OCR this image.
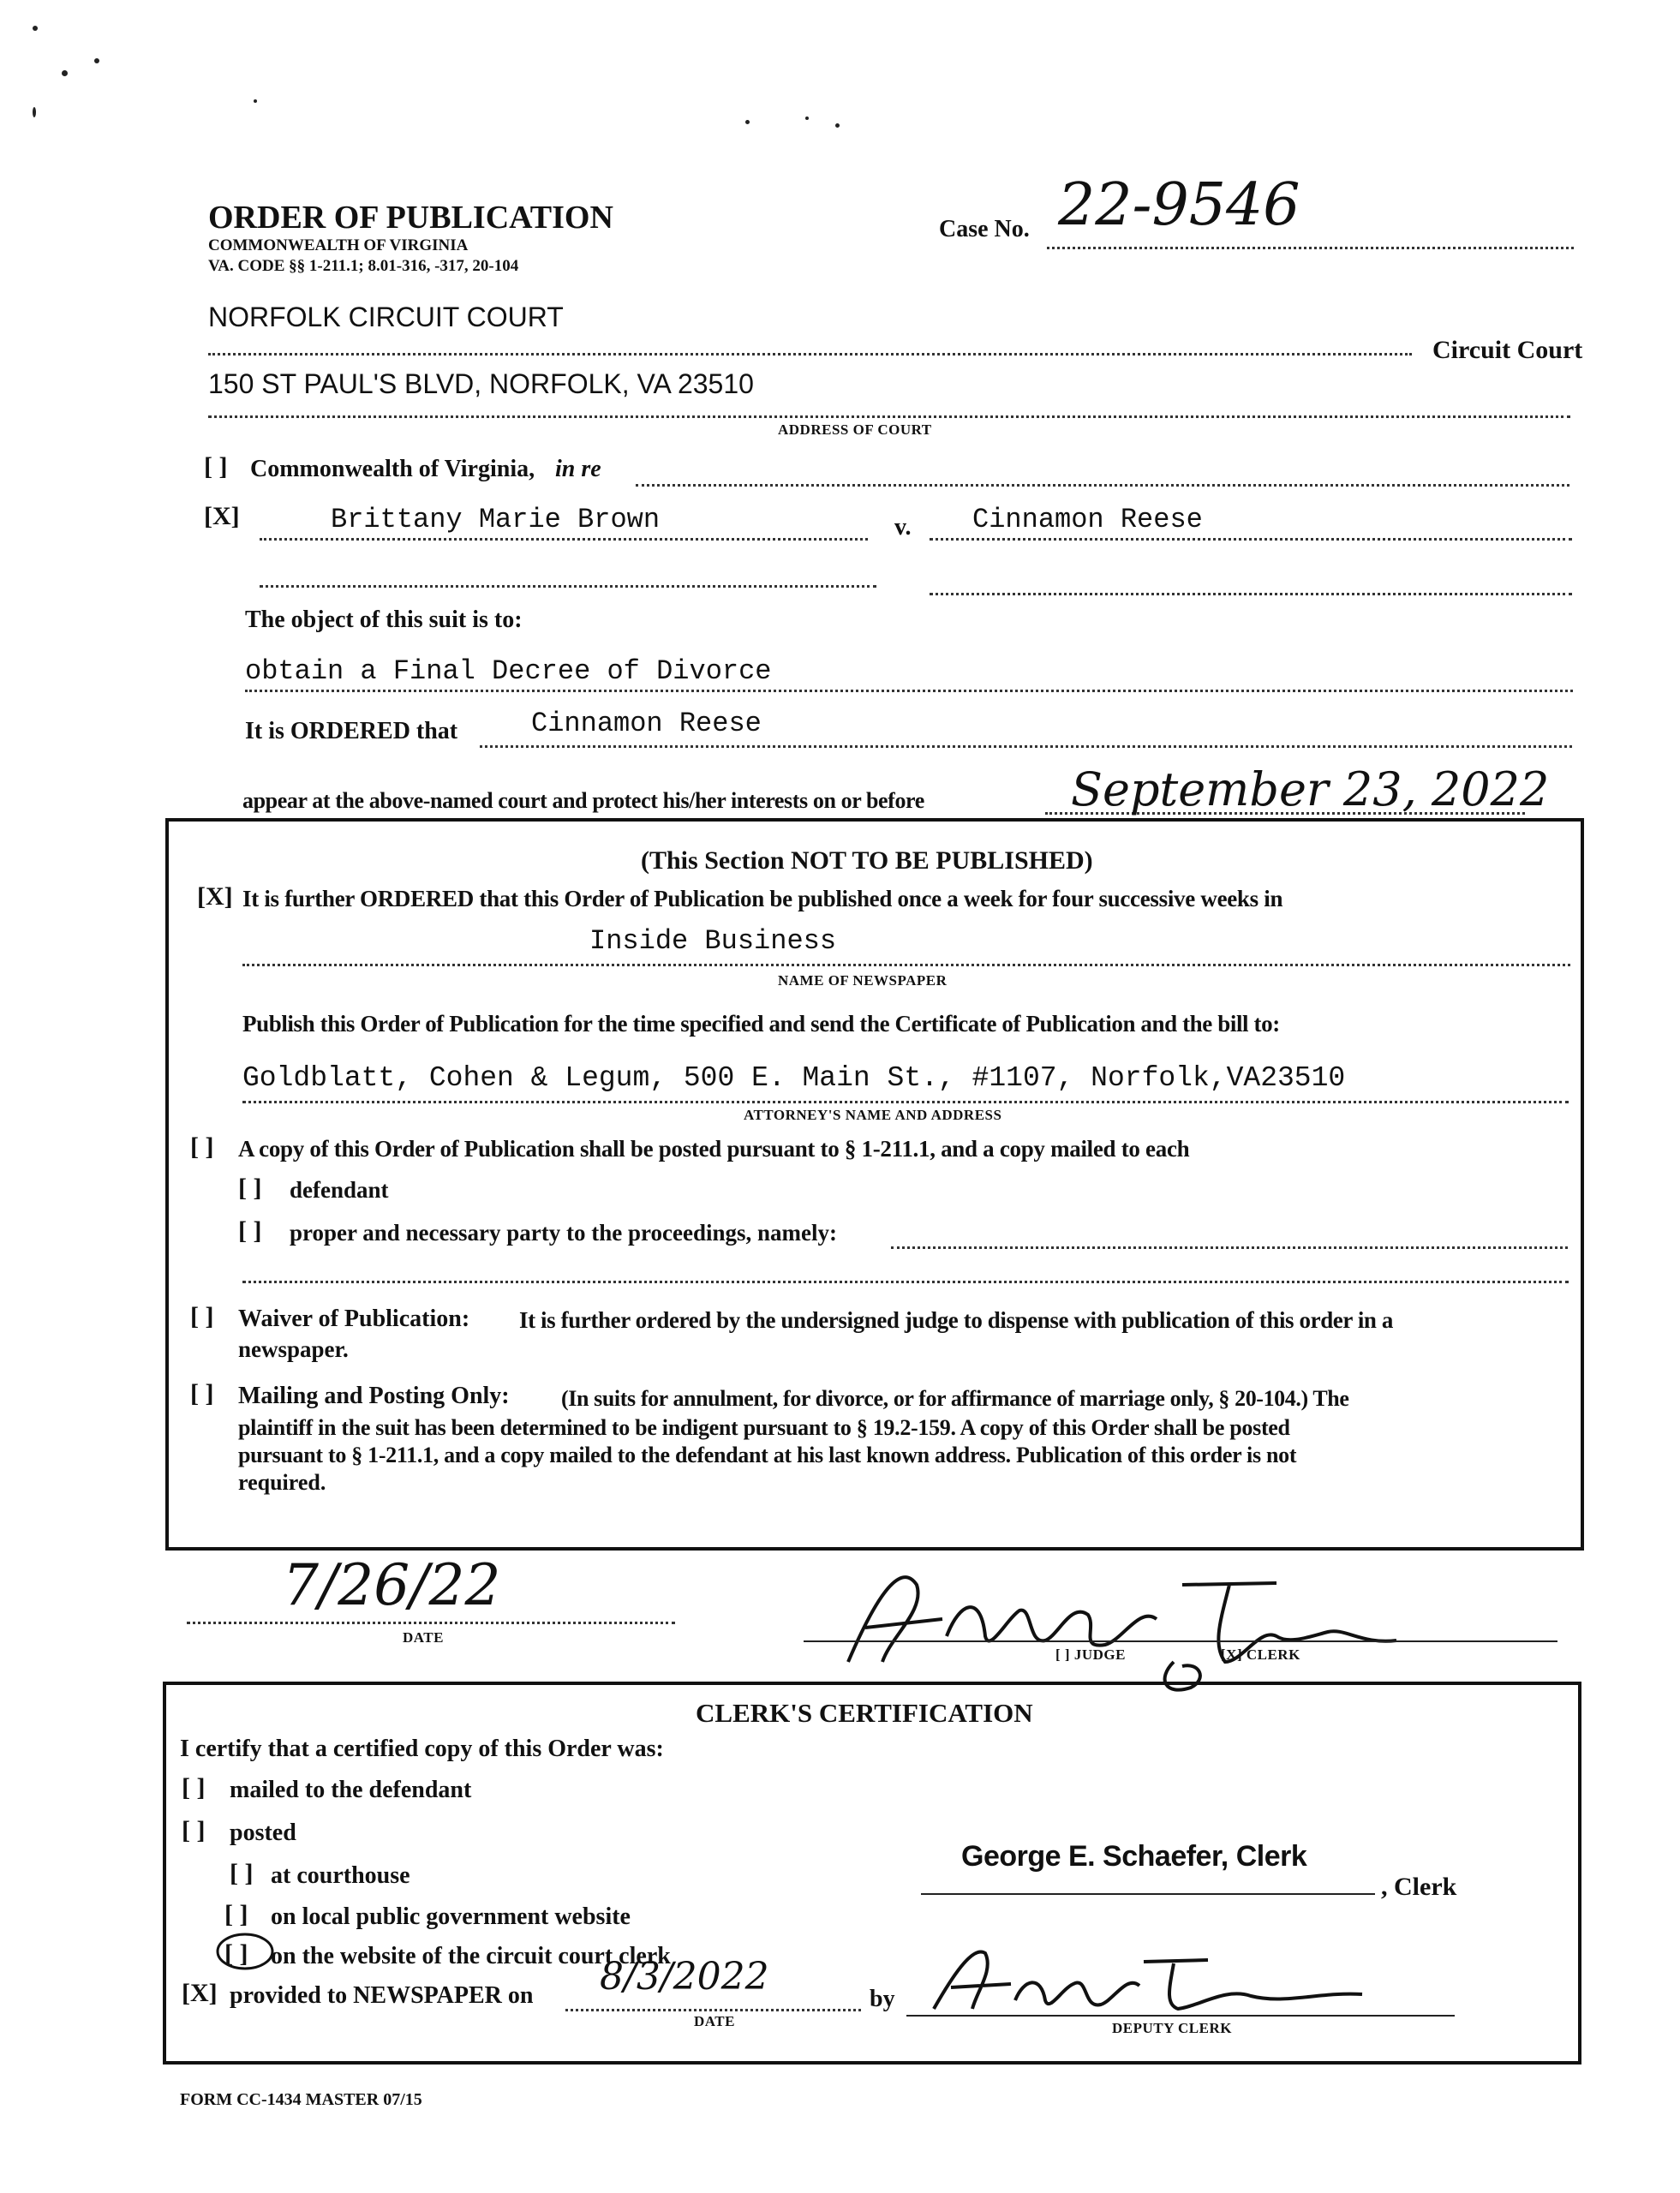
ORDER OF PUBLICATION
COMMONWEALTH OF VIRGINIA
VA. CODE §§ 1-211.1; 8.01-316, -317, 20-104
Case No. 22-9546
NORFOLK CIRCUIT COURT
Circuit Court
150 ST PAUL'S BLVD, NORFOLK, VA 23510
ADDRESS OF COURT
[ ] Commonwealth of Virginia, in re
[X]	Brittany Marie Brown	v. Cinnamon Reese
The object of this suit is to:
obtain a Final Decree of Divorce
It is ORDERED that	Cinnamon Reese
appear at the above-named court and protect his/her interests on or before	September 23, 2022
(This Section NOT TO BE PUBLISHED)
[X] It is further ORDERED that this Order of Publication be published once a week for four successive weeks in
Inside Business
NAME OF NEWSPAPER
Publish this Order of Publication for the time specified and send the Certificate of Publication and the bill to:
Goldblatt, Cohen & Legum, 500 E. Main St., #1107, Norfolk,VA23510
ATTORNEY'S NAME AND ADDRESS
[ ] A copy of this Order of Publication shall be posted pursuant to § 1-211.1, and a copy mailed to each
[ ] defendant
[ ] proper and necessary party to the proceedings, namely:
[ ] Waiver of Publication: It is further ordered by the undersigned judge to dispense with publication of this order in a
newspaper.
[ ] Mailing and Posting Only: (In suits for annulment, for divorce, or for affirmance of marriage only, § 20-104.) The
plaintiff in the suit has been determined to be indigent pursuant to § 19.2-159. A copy of this Order shall be posted
pursuant to § 1-211.1, and a copy mailed to the defendant at his last known address. Publication of this order is not
required.
7/26/22
DATE
[ ] JUDGE	[X] CLERK
CLERK'S CERTIFICATION
I certify that a certified copy of this Order was:
[ ] mailed to the defendant
[ ] posted
[ ] at courthouse
[ ] on local public government website
[ ] on the website of the circuit court clerk
[X] provided to NEWSPAPER on 8/3/2022
DATE
by
George E. Schaefer, Clerk
, Clerk
DEPUTY CLERK
FORM CC-1434 MASTER 07/15
